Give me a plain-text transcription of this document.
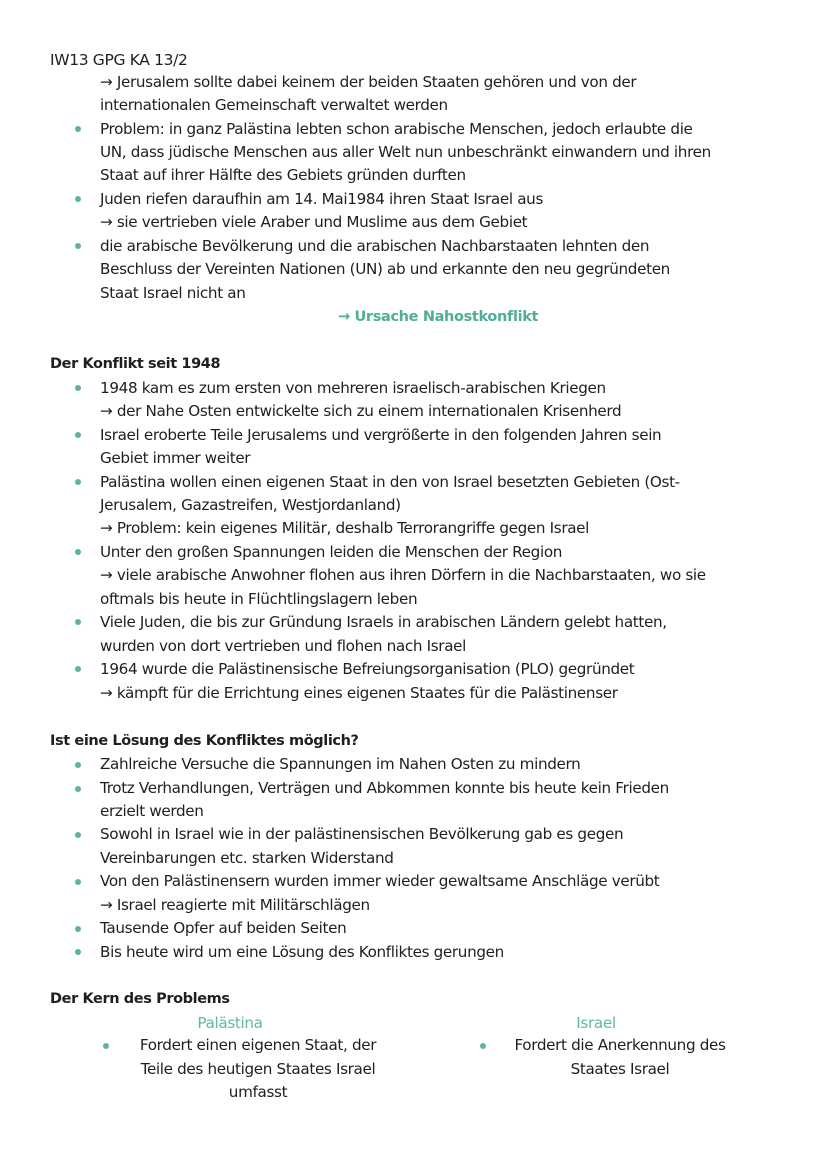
IW13 GPG KA 13/2
→ Jerusalem sollte dabei keinem der beiden Staaten gehören und von der
internationalen Gemeinschaft verwaltet werden
Problem: in ganz Palästina lebten schon arabische Menschen, jedoch erlaubte die
UN, dass jüdische Menschen aus aller Welt nun unbeschränkt einwandern und ihren
Staat auf ihrer Hälfte des Gebiets gründen durften
Juden riefen daraufhin am 14. Mai1984 ihren Staat Israel aus
→ sie vertrieben viele Araber und Muslime aus dem Gebiet
die arabische Bevölkerung und die arabischen Nachbarstaaten lehnten den
Beschluss der Vereinten Nationen (UN) ab und erkannte den neu gegründeten
Staat Israel nicht an
→ Ursache Nahostkonflikt
Der Konflikt seit 1948
1948 kam es zum ersten von mehreren israelisch-arabischen Kriegen
→ der Nahe Osten entwickelte sich zu einem internationalen Krisenherd
Israel eroberte Teile Jerusalems und vergrößerte in den folgenden Jahren sein
Gebiet immer weiter
Palästina wollen einen eigenen Staat in den von Israel besetzten Gebieten (Ost-
Jerusalem, Gazastreifen, Westjordanland)
→ Problem: kein eigenes Militär, deshalb Terrorangriffe gegen Israel
Unter den großen Spannungen leiden die Menschen der Region
→ viele arabische Anwohner flohen aus ihren Dörfern in die Nachbarstaaten, wo sie
oftmals bis heute in Flüchtlingslagern leben
Viele Juden, die bis zur Gründung Israels in arabischen Ländern gelebt hatten,
wurden von dort vertrieben und flohen nach Israel
1964 wurde die Palästinensische Befreiungsorganisation (PLO) gegründet
→ kämpft für die Errichtung eines eigenen Staates für die Palästinenser
Ist eine Lösung des Konfliktes möglich?
Zahlreiche Versuche die Spannungen im Nahen Osten zu mindern
Trotz Verhandlungen, Verträgen und Abkommen konnte bis heute kein Frieden
erzielt werden
Sowohl in Israel wie in der palästinensischen Bevölkerung gab es gegen
Vereinbarungen etc. starken Widerstand
Von den Palästinensern wurden immer wieder gewaltsame Anschläge verübt
→ Israel reagierte mit Militärschlägen
Tausende Opfer auf beiden Seiten
Bis heute wird um eine Lösung des Konfliktes gerungen
Der Kern des Problems
Palästina
Fordert einen eigenen Staat, der
Teile des heutigen Staates Israel
umfasst
Israel
Fordert die Anerkennung des
Staates Israel
